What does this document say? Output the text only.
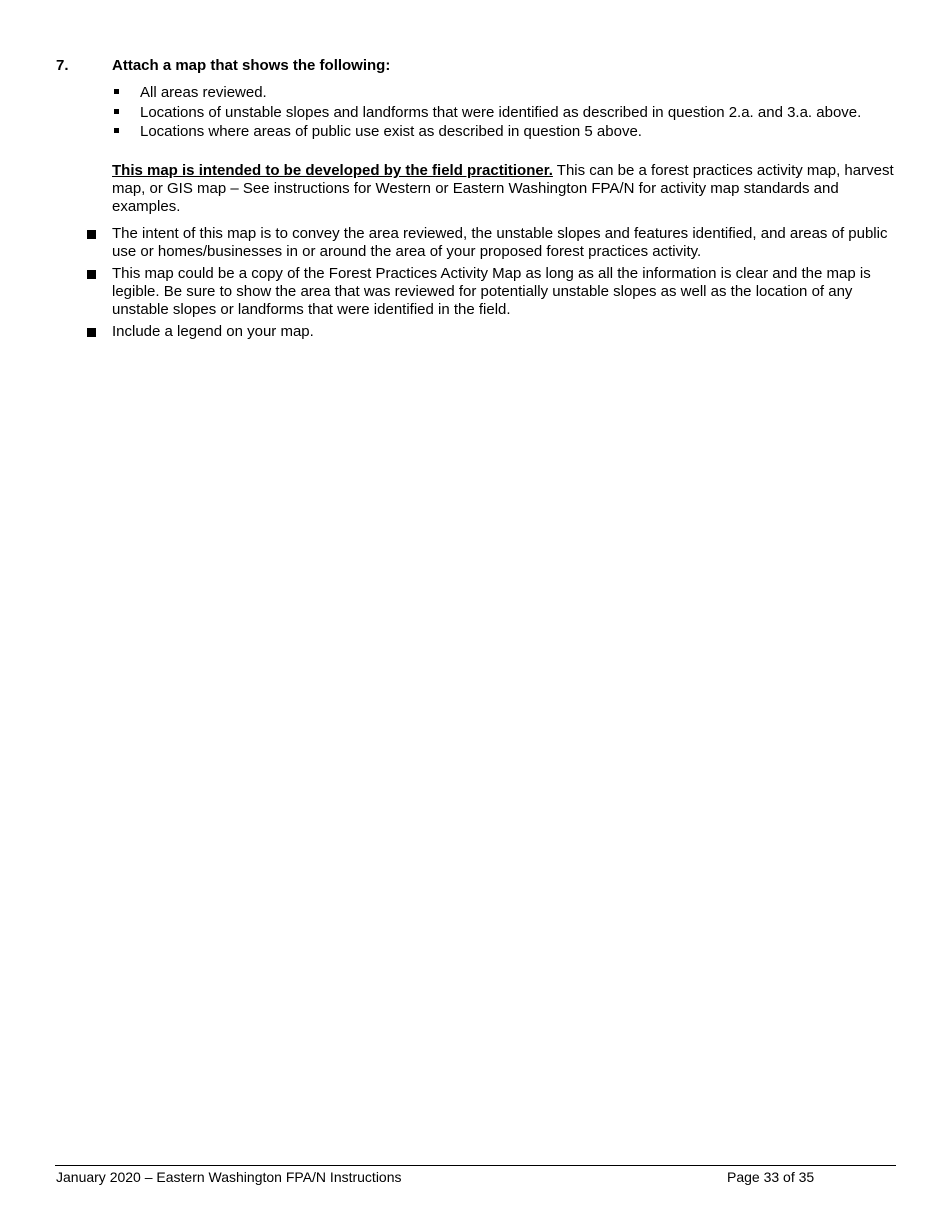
7.	Attach a map that shows the following:
All areas reviewed.
Locations of unstable slopes and landforms that were identified as described in question 2.a. and 3.a. above.
Locations where areas of public use exist as described in question 5 above.
This map is intended to be developed by the field practitioner. This can be a forest practices activity map, harvest map, or GIS map – See instructions for Western or Eastern Washington FPA/N for activity map standards and examples.
The intent of this map is to convey the area reviewed, the unstable slopes and features identified, and areas of public use or homes/businesses in or around the area of your proposed forest practices activity.
This map could be a copy of the Forest Practices Activity Map as long as all the information is clear and the map is legible. Be sure to show the area that was reviewed for potentially unstable slopes as well as the location of any unstable slopes or landforms that were identified in the field.
Include a legend on your map.
January 2020 – Eastern Washington FPA/N Instructions	Page 33 of 35
